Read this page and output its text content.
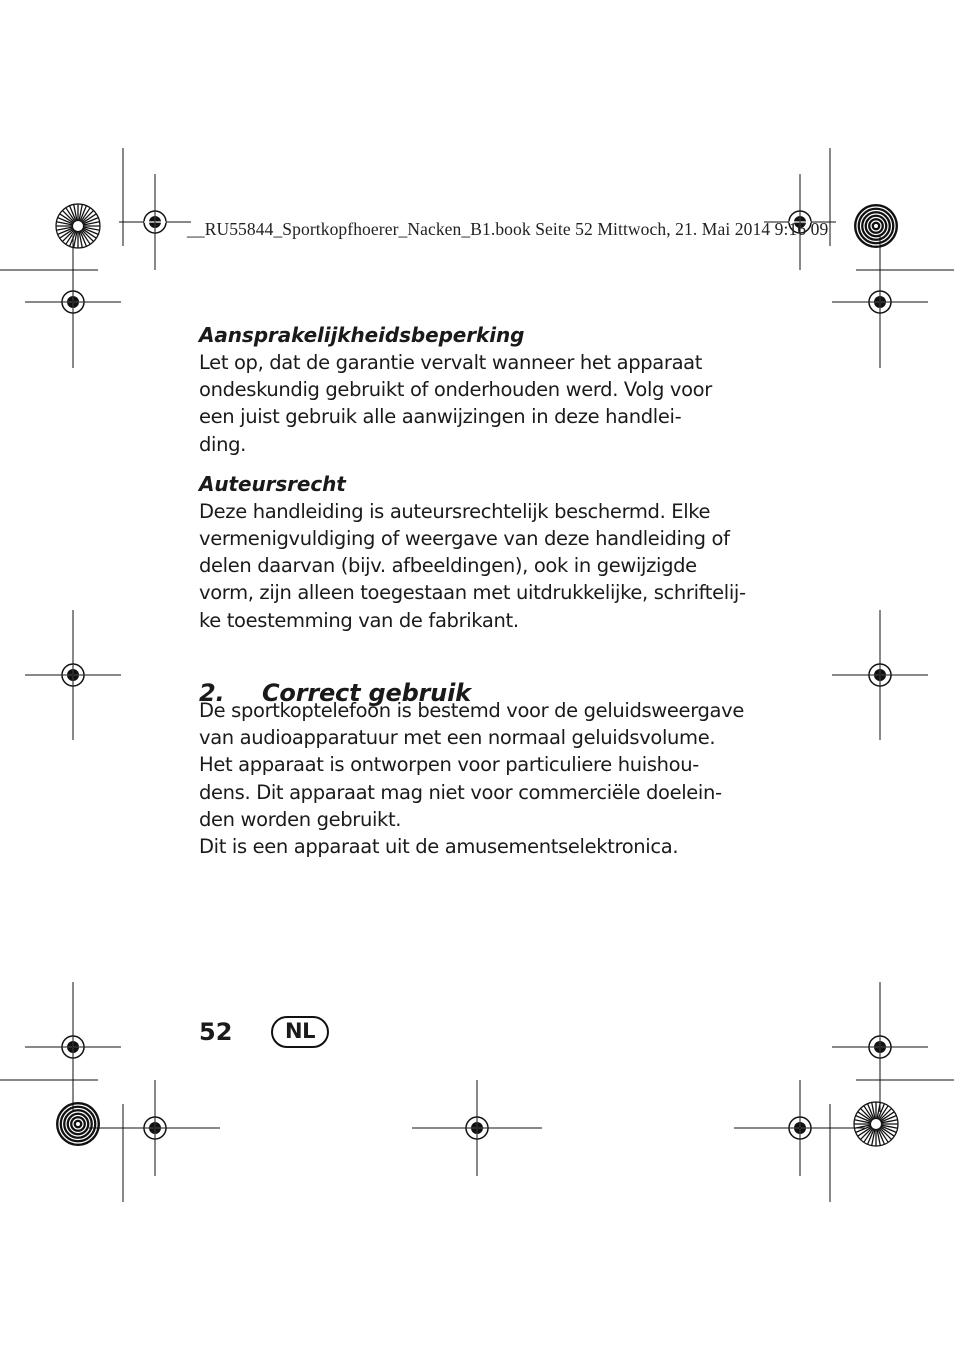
__RU55844_Sportkopfhoerer_Nacken_B1.book Seite 52 Mittwoch, 21. Mai 2014 9:16 09
Aansprakelijkheidsbeperking

Let op, dat de garantie vervalt wanneer het apparaat
ondeskundig gebruikt of onderhouden werd. Volg voor
een juist gebruik alle aanwijzingen in deze handlei-
ding.

Auteursrecht

Deze handleiding is auteursrechtelijk beschermd. Elke
vermenigvuldiging of weergave van deze handleiding of
delen daarvan (bijv. afbeeldingen), ook in gewijzigde
vorm, zijn alleen toegestaan met uitdrukkelijke, schriftelij-
ke toestemming van de fabrikant.

2. Correct gebruik

De sportkoptelefoon is bestemd voor de geluidsweergave
van audioapparatuur met een normaal geluidsvolume.
Het apparaat is ontworpen voor particuliere huishou-
dens. Dit apparaat mag niet voor commerciële doelein-
den worden gebruikt.
Dit is een apparaat uit de amusementselektronica.

52	NL
